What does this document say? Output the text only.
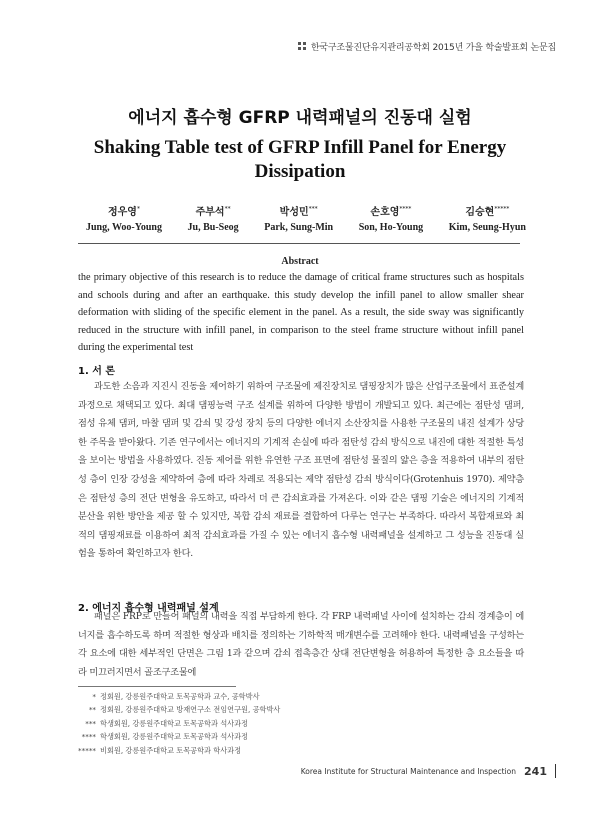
한국구조물진단유지관리공학회 2015년 가을 학술발표회 논문집
에너지 흡수형 GFRP 내력패널의 진동대 실험
Shaking Table test of GFRP Infill Panel for Energy Dissipation
정우영*
Jung, Woo-Young
주부석**
Ju, Bu-Seog
박성민***
Park, Sung-Min
손호영****
Son, Ho-Young
김승현*****
Kim, Seung-Hyun
Abstract
the primary objective of this research is to reduce the damage of critical frame structures such as hospitals and schools during and after an earthquake. this study develop the infill panel to allow smaller shear deformation with sliding of the specific element in the panel. As a result, the side sway was significantly reduced in the structure with infill panel, in comparison to the steel frame structure without infill panel during the experimental test
1. 서 론
과도한 소음과 지진시 진동을 제어하기 위하여 구조물에 제진장치로 댐핑장치가 많은 산업구조물에서 표준설계 과정으로 채택되고 있다. 최대 댐핑능력 구조 설계를 위하여 다양한 방법이 개발되고 있다. 최근에는 점탄성 댐퍼, 점성 유체 댐퍼, 마찰 댐퍼 및 감쇠 및 강성 장치 등의 다양한 에너지 소산장치를 사용한 구조물의 내진 설계가 상당한 주목을 받아왔다. 기존 연구에서는 에너지의 기계적 손실에 따라 점탄성 감쇠 방식으로 내진에 대한 적절한 특성을 보이는 방법을 사용하였다. 진동 제어를 위한 유연한 구조 표면에 점탄성 물질의 얇은 층을 적용하여 내부의 점탄성 층이 인장 강성을 제약하여 층에 따라 차례로 적용되는 제약 점탄성 감쇠 방식이다(Grotenhuis 1970). 제약층은 점탄성 층의 전단 변형을 유도하고, 따라서 더 큰 감쇠효과를 가져온다. 이와 같은 댐핑 기술은 에너지의 기계적 분산을 위한 방안을 제공 할 수 있지만, 복합 감쇠 재료를 결합하여 다루는 연구는 부족하다. 따라서 복합재료와 최적의 댐핑재료를 이용하여 최적 감쇠효과를 가질 수 있는 에너지 흡수형 내력패널을 설계하고 그 성능을 진동대 실험을 통하여 확인하고자 한다.
2. 에너지 흡수형 내력패널 설계
패널은 FRP로 만들어 패널의 내력을 직접 부담하게 한다. 각 FRP 내력패널 사이에 설치하는 감쇠 경계층이 에너지를 흡수하도록 하며 적절한 형상과 배치를 정의하는 기하학적 매개변수를 고려해야 한다. 내력패널을 구성하는 각 요소에 대한 세부적인 단면은 그림 1과 같으며 감쇠 접촉층간 상대 전단변형을 허용하여 특정한 층 요소들을 따라 미끄러지면서 골조구조물에
* 정회원, 강릉원주대학교 토목공학과 교수, 공학박사
** 정회원, 강릉원주대학교 방재연구소 전임연구원, 공학박사
*** 학생회원, 강릉원주대학교 토목공학과 석사과정
**** 학생회원, 강릉원주대학교 토목공학과 석사과정
***** 비회원, 강릉원주대학교 토목공학과 학사과정
Korea Institute for Structural Maintenance and Inspection 241
